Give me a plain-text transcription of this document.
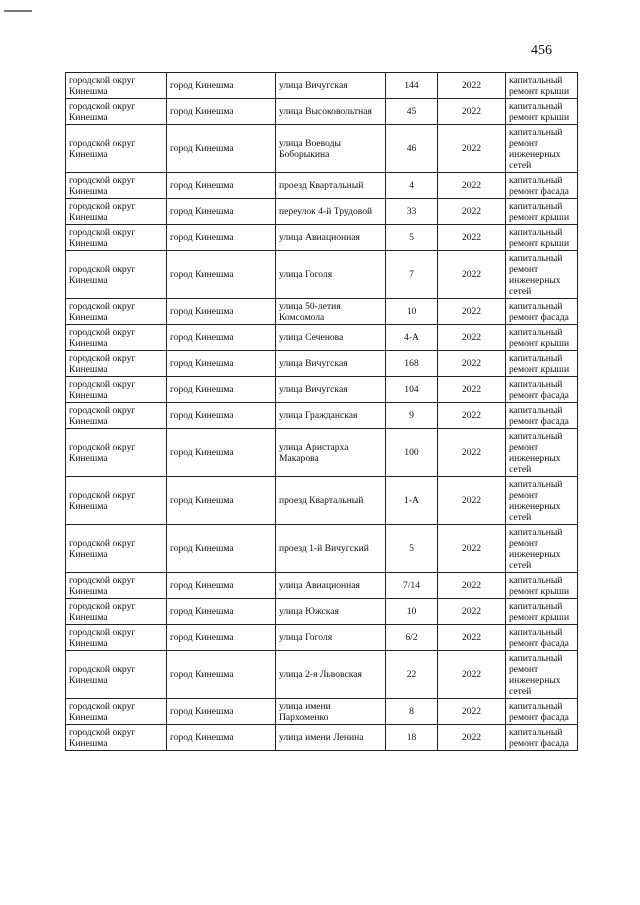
456
городской округ Кинешма	город Кинешма	улица Вичугская	144	2022	капитальный ремонт крыши
городской округ Кинешма	город Кинешма	улица Высоковольтная	45	2022	капитальный ремонт крыши
городской округ Кинешма	город Кинешма	улица Воеводы Боборыкина	46	2022	капитальный ремонт инженерных сетей
городской округ Кинешма	город Кинешма	проезд Квартальный	4	2022	капитальный ремонт фасада
городской округ Кинешма	город Кинешма	переулок 4-й Трудовой	33	2022	капитальный ремонт крыши
городской округ Кинешма	город Кинешма	улица Авиационная	5	2022	капитальный ремонт крыши
городской округ Кинешма	город Кинешма	улица Гоголя	7	2022	капитальный ремонт инженерных сетей
городской округ Кинешма	город Кинешма	улица 50-летия Комсомола	10	2022	капитальный ремонт фасада
городской округ Кинешма	город Кинешма	улица Сеченова	4-А	2022	капитальный ремонт крыши
городской округ Кинешма	город Кинешма	улица Вичугская	168	2022	капитальный ремонт крыши
городской округ Кинешма	город Кинешма	улица Вичугская	104	2022	капитальный ремонт фасада
городской округ Кинешма	город Кинешма	улица Гражданская	9	2022	капитальный ремонт фасада
городской округ Кинешма	город Кинешма	улица Аристарха Макарова	100	2022	капитальный ремонт инженерных сетей
городской округ Кинешма	город Кинешма	проезд Квартальный	1-А	2022	капитальный ремонт инженерных сетей
городской округ Кинешма	город Кинешма	проезд 1-й Вичугский	5	2022	капитальный ремонт инженерных сетей
городской округ Кинешма	город Кинешма	улица Авиационная	7/14	2022	капитальный ремонт крыши
городской округ Кинешма	город Кинешма	улица Южская	10	2022	капитальный ремонт крыши
городской округ Кинешма	город Кинешма	улица Гоголя	6/2	2022	капитальный ремонт фасада
городской округ Кинешма	город Кинешма	улица 2-я Львовская	22	2022	капитальный ремонт инженерных сетей
городской округ Кинешма	город Кинешма	улица имени Пархоменко	8	2022	капитальный ремонт фасада
городской округ Кинешма	город Кинешма	улица имени Ленина	18	2022	капитальный ремонт фасада
